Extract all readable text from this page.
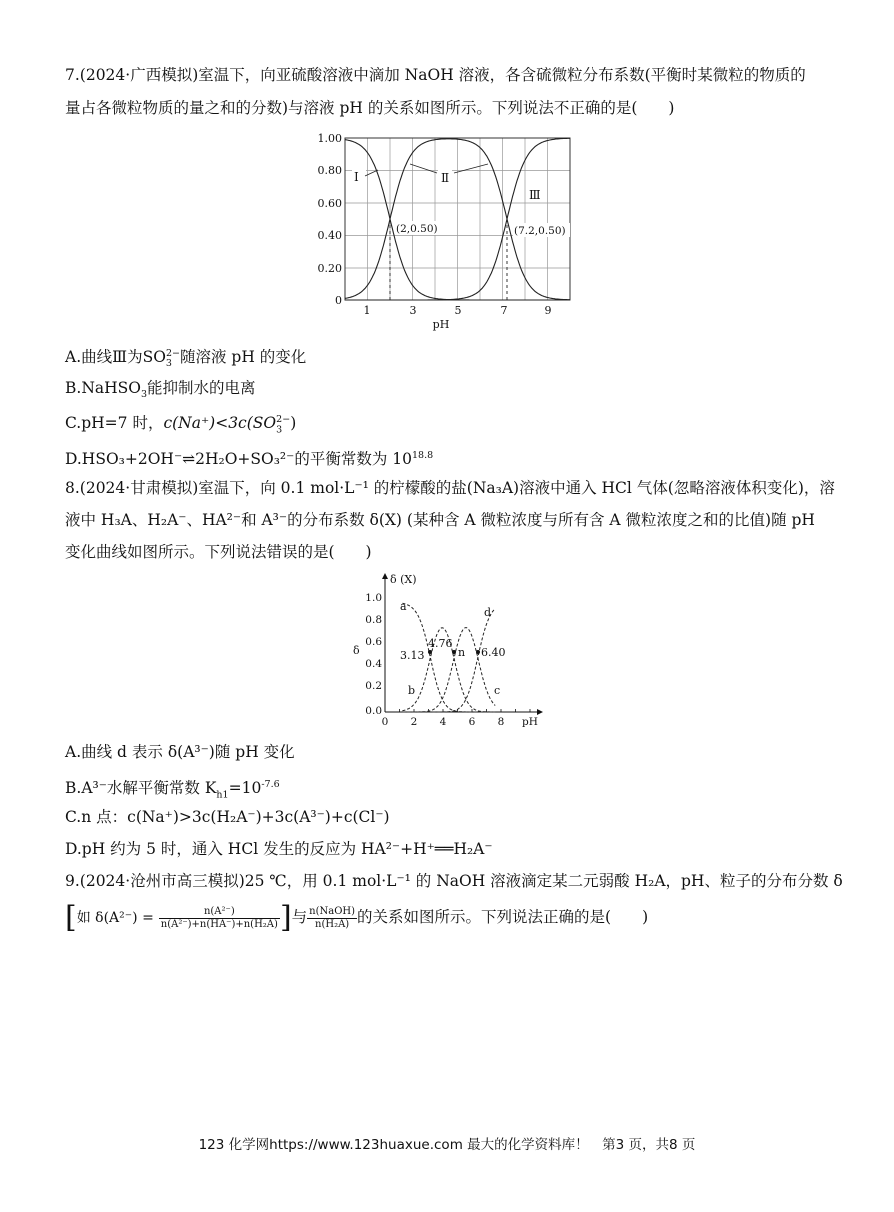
7.(2024·广西模拟)室温下，向亚硫酸溶液中滴加 NaOH 溶液，各含硫微粒分布系数(平衡时某微粒的物质的
量占各微粒物质的量之和的分数)与溶液 pH 的关系如图所示。下列说法不正确的是(　　)
1.00
0.80
0.60
0.40
0.20
0
1	3	5	7	9
pH
Ⅰ	Ⅱ
Ⅲ
(2,0.50)	(7.2,0.50)
A.曲线Ⅲ为$SO_3^{2-}$随溶液 pH 的变化
B.NaHSO$_3$能抑制水的电离
C.pH=7 时，$c(Na^+)<3c(SO_3^{2-})$
D.HSO₃+2OH⁻⇌2H₂O+SO₃²⁻的平衡常数为 $10^{18.8}$
8.(2024·甘肃模拟)室温下，向 0.1 mol·L⁻¹ 的柠檬酸的盐(Na₃A)溶液中通入 HCl 气体(忽略溶液体积变化)，溶
液中 H₃A、H₂A⁻、HA²⁻和 A³⁻的分布系数 δ(X) (某种含 A 微粒浓度与所有含 A 微粒浓度之和的比值)随 pH
变化曲线如图所示。下列说法错误的是(　　)
δ (X)
δ
1.0
0.8
0.6
0.4
0.2
0.0
0 2 4 6 8 pH
a
b	c
d
3.13
4.76
n 6.40
A.曲线 d 表示 δ(A³⁻)随 pH 变化
B.A³⁻水解平衡常数 $K_{h1}=10^{-7.6}$
C.n 点：c(Na⁺)>3c(H₂A⁻)+3c(A³⁻)+c(Cl⁻)
D.pH 约为 5 时，通入 HCl 发生的反应为 HA²⁻+H⁺══H₂A⁻
9.(2024·沧州市高三模拟)25 ℃，用 0.1 mol·L⁻¹ 的 NaOH 溶液滴定某二元弱酸 H₂A，pH、粒子的分布分数 δ
[如 $\delta(A^{2-}) = \frac{\text{n(A²⁻)}}{\text{n(A²⁻)+n(HA⁻)+n(H₂A)}}$ ]与 $\frac{\text{n(NaOH)}}{\text{n(H₂A)}}$ 的关系如图所示。下列说法正确的是(　　)
123 化学网https://www.123huaxue.com 最大的化学资料库！　第3 页，共8 页
